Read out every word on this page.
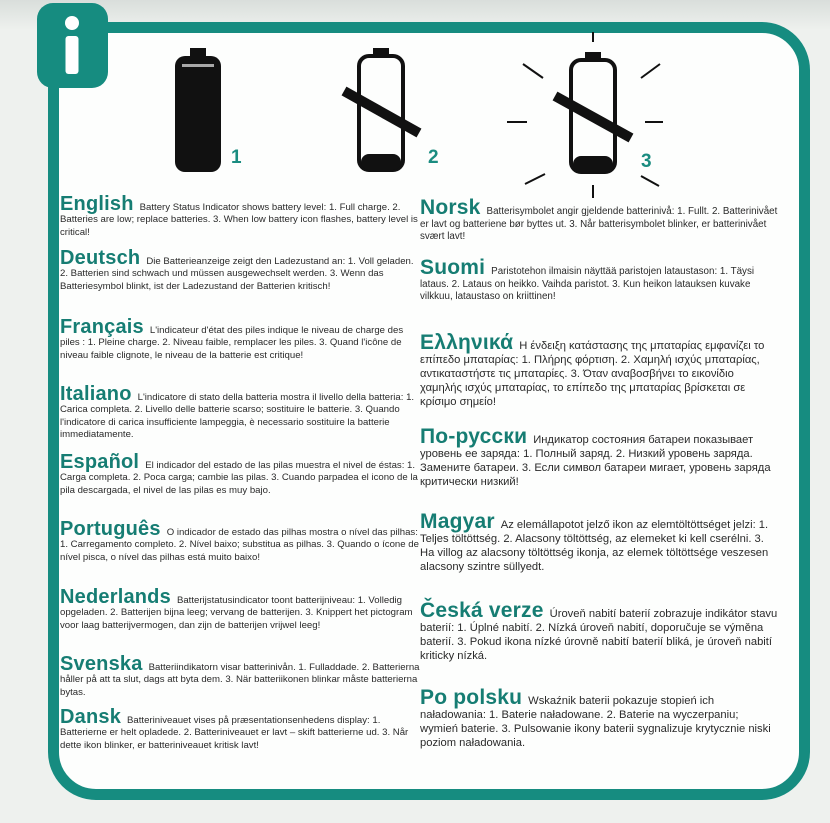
1	2	3
English Battery Status Indicator shows battery level: 1. Full charge. 2. Batteries are low; replace batteries. 3. When low battery icon flashes, battery level is critical!
Deutsch Die Batterieanzeige zeigt den Ladezustand an: 1. Voll geladen. 2. Batterien sind schwach und müssen ausgewechselt werden. 3. Wenn das Batteriesymbol blinkt, ist der Ladezustand der Batterien kritisch!
Français L'indicateur d'état des piles indique le niveau de charge des piles : 1. Pleine charge. 2. Niveau faible, remplacer les piles. 3. Quand l'icône de niveau faible clignote, le niveau de la batterie est critique!
Italiano L'indicatore di stato della batteria mostra il livello della batteria: 1. Carica completa. 2. Livello delle batterie scarso; sostituire le batterie. 3. Quando l'indicatore di carica insufficiente lampeggia, è necessario sostituire la batterie immediatamente.
Español El indicador del estado de las pilas muestra el nivel de éstas: 1. Carga completa. 2. Poca carga; cambie las pilas. 3. Cuando parpadea el icono de la pila descargada, el nivel de las pilas es muy bajo.
Português O indicador de estado das pilhas mostra o nível das pilhas: 1. Carregamento completo. 2. Nível baixo; substitua as pilhas. 3. Quando o ícone de nível pisca, o nível das pilhas está muito baixo!
Nederlands Batterijstatusindicator toont batterijniveau: 1. Volledig opgeladen. 2. Batterijen bijna leeg; vervang de batterijen. 3. Knippert het pictogram voor laag batterijvermogen, dan zijn de batterijen vrijwel leeg!
Svenska Batteriindikatorn visar batterinivån. 1. Fulladdade. 2. Batterierna håller på att ta slut, dags att byta dem. 3. När batteriikonen blinkar måste batterierna bytas.
Dansk Batteriniveauet vises på præsentationsenhedens display: 1. Batterierne er helt opladede. 2. Batteriniveauet er lavt – skift batterierne ud. 3. Når dette ikon blinker, er batteriniveauet kritisk lavt!
Norsk Batterisymbolet angir gjeldende batterinivå: 1. Fullt. 2. Batterinivået er lavt og batteriene bør byttes ut. 3. Når batterisymbolet blinker, er batterinivået svært lavt!
Suomi Paristotehon ilmaisin näyttää paristojen lataustason: 1. Täysi lataus. 2. Lataus on heikko. Vaihda paristot. 3. Kun heikon latauksen kuvake vilkkuu, lataustaso on kriittinen!
Ελληνικά Η ένδειξη κατάστασης της μπαταρίας εμφανίζει το επίπεδο μπαταρίας: 1. Πλήρης φόρτιση. 2. Χαμηλή ισχύς μπαταρίας, αντικαταστήστε τις μπαταρίες. 3. Όταν αναβοσβήνει το εικονίδιο χαμηλής ισχύς μπαταρίας, το επίπεδο της μπαταρίας βρίσκεται σε κρίσιμο σημείο!
По-русски Индикатор состояния батареи показывает уровень ее заряда: 1. Полный заряд. 2. Низкий уровень заряда. Замените батареи. 3. Если символ батареи мигает, уровень заряда критически низкий!
Magyar Az elemállapotot jelző ikon az elemtöltöttséget jelzi: 1. Teljes töltöttség. 2. Alacsony töltöttség, az elemeket ki kell cserélni. 3. Ha villog az alacsony töltöttség ikonja, az elemek töltöttsége veszesen alacsony szintre süllyedt.
Česká verze Úroveň nabití baterií zobrazuje indikátor stavu baterií: 1. Úplné nabití. 2. Nízká úroveň nabití, doporučuje se výměna baterií. 3. Pokud ikona nízké úrovně nabití baterií bliká, je úroveň nabití kriticky nízká.
Po polsku Wskaźnik baterii pokazuje stopień ich naładowania: 1. Baterie naładowane. 2. Baterie na wyczerpaniu; wymień baterie. 3. Pulsowanie ikony baterii sygnalizuje krytycznie niski poziom naładowania.
